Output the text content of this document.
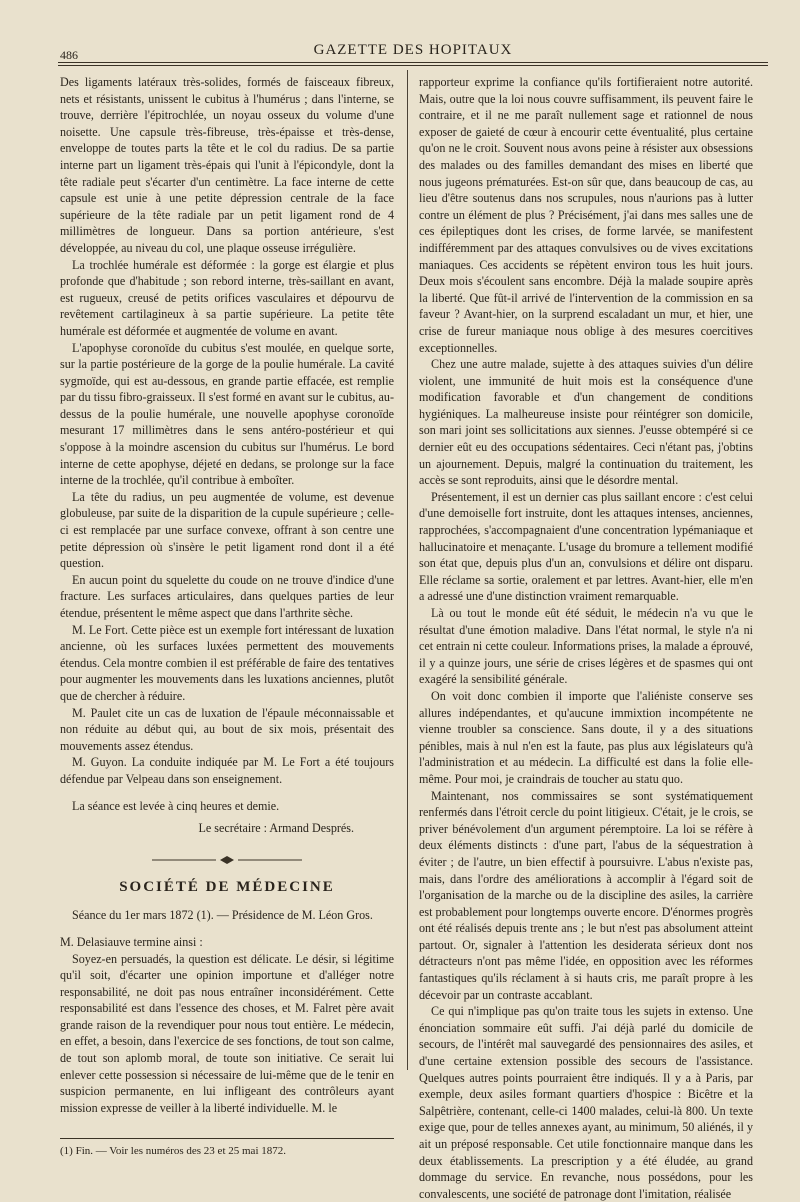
486	GAZETTE DES HOPITAUX

Des ligaments latéraux très-solides, formés de faisceaux fibreux, nets et résistants, unissent le cubitus à l'humérus ; dans l'interne, se trouve, derrière l'épitrochlée, un noyau osseux du volume d'une noisette. Une capsule très-fibreuse, très-épaisse et très-dense, enveloppe de toutes parts la tête et le col du radius. De sa partie interne part un ligament très-épais qui l'unit à l'épicondyle, dont la tête radiale peut s'écarter d'un centimètre. La face interne de cette capsule est unie à une petite dépression centrale de la face supérieure de la tête radiale par un petit ligament rond de 4 millimètres de longueur. Dans sa portion antérieure, s'est développée, au niveau du col, une plaque osseuse irrégulière.

La trochlée humérale est déformée : la gorge est élargie et plus profonde que d'habitude ; son rebord interne, très-saillant en avant, est rugueux, creusé de petits orifices vasculaires et dépourvu de revêtement cartilagineux à sa partie supérieure. La petite tête humérale est déformée et augmentée de volume en avant.

L'apophyse coronoïde du cubitus s'est moulée, en quelque sorte, sur la partie postérieure de la gorge de la poulie humérale. La cavité sygmoïde, qui est au-dessous, en grande partie effacée, est remplie par du tissu fibro-graisseux. Il s'est formé en avant sur le cubitus, au-dessus de la poulie humérale, une nouvelle apophyse coronoïde mesurant 17 millimètres dans le sens antéro-postérieur et qui s'oppose à la moindre ascension du cubitus sur l'humérus. Le bord interne de cette apophyse, déjeté en dedans, se prolonge sur la face interne de la trochlée, qu'il contribue à emboîter.

La tête du radius, un peu augmentée de volume, est devenue globuleuse, par suite de la disparition de la cupule supérieure ; celle-ci est remplacée par une surface convexe, offrant à son centre une petite dépression où s'insère le petit ligament rond dont il a été question.

En aucun point du squelette du coude on ne trouve d'indice d'une fracture. Les surfaces articulaires, dans quelques parties de leur étendue, présentent le même aspect que dans l'arthrite sèche.

M. Le Fort. Cette pièce est un exemple fort intéressant de luxation ancienne, où les surfaces luxées permettent des mouvements étendus. Cela montre combien il est préférable de faire des tentatives pour augmenter les mouvements dans les luxations anciennes, plutôt que de chercher à réduire.

M. Paulet cite un cas de luxation de l'épaule méconnaissable et non réduite au début qui, au bout de six mois, présentait des mouvements assez étendus.

M. Guyon. La conduite indiquée par M. Le Fort a été toujours défendue par Velpeau dans son enseignement.

La séance est levée à cinq heures et demie.

Le secrétaire : Armand Després.

SOCIÉTÉ DE MÉDECINE

Séance du 1er mars 1872 (1). — Présidence de M. Léon Gros.

M. Delasiauve termine ainsi :

Soyez-en persuadés, la question est délicate. Le désir, si légitime qu'il soit, d'écarter une opinion importune et d'alléger notre responsabilité, ne doit pas nous entraîner inconsidérément. Cette responsabilité est dans l'essence des choses, et M. Falret père avait grande raison de la revendiquer pour nous tout entière. Le médecin, en effet, a besoin, dans l'exercice de ses fonctions, de tout son calme, de tout son aplomb moral, de toute son initiative. Ce serait lui enlever cette possession si nécessaire de lui-même que de le tenir en suspicion permanente, en lui infligeant des contrôleurs ayant mission expresse de veiller à la liberté individuelle. M. le

(1) Fin. — Voir les numéros des 23 et 25 mai 1872.

rapporteur exprime la confiance qu'ils fortifieraient notre autorité. Mais, outre que la loi nous couvre suffisamment, ils peuvent faire le contraire, et il ne me paraît nullement sage et rationnel de nous exposer de gaieté de cœur à encourir cette éventualité, plus certaine qu'on ne le croit. Souvent nous avons peine à résister aux obsessions des malades ou des familles demandant des mises en liberté que nous jugeons prématurées. Est-on sûr que, dans beaucoup de cas, au lieu d'être soutenus dans nos scrupules, nous n'aurions pas à lutter contre un élément de plus ? Précisément, j'ai dans mes salles une de ces épileptiques dont les crises, de forme larvée, se manifestent indifféremment par des attaques convulsives ou de vives excitations maniaques. Ces accidents se répètent environ tous les huit jours. Deux mois s'écoulent sans encombre. Déjà la malade soupire après la liberté. Que fût-il arrivé de l'intervention de la commission en sa faveur ? Avant-hier, on la surprend escaladant un mur, et hier, une crise de fureur maniaque nous oblige à des mesures coercitives exceptionnelles.

Chez une autre malade, sujette à des attaques suivies d'un délire violent, une immunité de huit mois est la conséquence d'une modification favorable et d'un changement de conditions hygiéniques. La malheureuse insiste pour réintégrer son domicile, son mari joint ses sollicitations aux siennes. J'eusse obtempéré si ce dernier eût eu des occupations sédentaires. Ceci n'étant pas, j'obtins un ajournement. Depuis, malgré la continuation du traitement, les accès se sont reproduits, ainsi que le désordre mental.

Présentement, il est un dernier cas plus saillant encore : c'est celui d'une demoiselle fort instruite, dont les attaques intenses, anciennes, rapprochées, s'accompagnaient d'une concentration lypémaniaque et hallucinatoire et menaçante. L'usage du bromure a tellement modifié son état que, depuis plus d'un an, convulsions et délire ont disparu. Elle réclame sa sortie, oralement et par lettres. Avant-hier, elle m'en a adressé une d'une distinction vraiment remarquable.

Là ou tout le monde eût été séduit, le médecin n'a vu que le résultat d'une émotion maladive. Dans l'état normal, le style n'a ni cet entrain ni cette couleur. Informations prises, la malade a éprouvé, il y a quinze jours, une série de crises légères et de spasmes qui ont exagéré la sensibilité générale.

On voit donc combien il importe que l'aliéniste conserve ses allures indépendantes, et qu'aucune immixtion incompétente ne vienne troubler sa conscience. Sans doute, il y a des situations pénibles, mais à nul n'en est la faute, pas plus aux législateurs qu'à l'administration et au médecin. La difficulté est dans la folie elle-même. Pour moi, je craindrais de toucher au statu quo.

Maintenant, nos commissaires se sont systématiquement renfermés dans l'étroit cercle du point litigieux. C'était, je le crois, se priver bénévolement d'un argument péremptoire. La loi se réfère à deux éléments distincts : d'une part, l'abus de la séquestration à éviter ; de l'autre, un bien effectif à poursuivre. L'abus n'existe pas, mais, dans l'ordre des améliorations à accomplir à l'égard soit de l'organisation de la marche ou de la discipline des asiles, la carrière est probablement pour longtemps ouverte encore. D'énormes progrès ont été réalisés depuis trente ans ; le but n'est pas absolument atteint partout. Or, signaler à l'attention les desiderata sérieux dont nos détracteurs n'ont pas même l'idée, en opposition avec les réformes fantastiques qu'ils réclament à si hauts cris, me paraît propre à les décevoir par un contraste accablant.

Ce qui n'implique pas qu'on traite tous les sujets in extenso. Une énonciation sommaire eût suffi. J'ai déjà parlé du domicile de secours, de l'intérêt mal sauvegardé des pensionnaires des asiles, et d'une certaine extension possible des secours de l'assistance. Quelques autres points pourraient être indiqués. Il y a à Paris, par exemple, deux asiles formant quartiers d'hospice : Bicêtre et la Salpêtrière, contenant, celle-ci 1400 malades, celui-là 800. Un texte exige que, pour de telles annexes ayant, au minimum, 50 aliénés, il y ait un préposé responsable. Cet utile fonctionnaire manque dans les deux établissements. La prescription y a été éludée, au grand dommage du service. En revanche, nous possédons, pour les convalescents, une société de patronage dont l'imitation, réalisée
